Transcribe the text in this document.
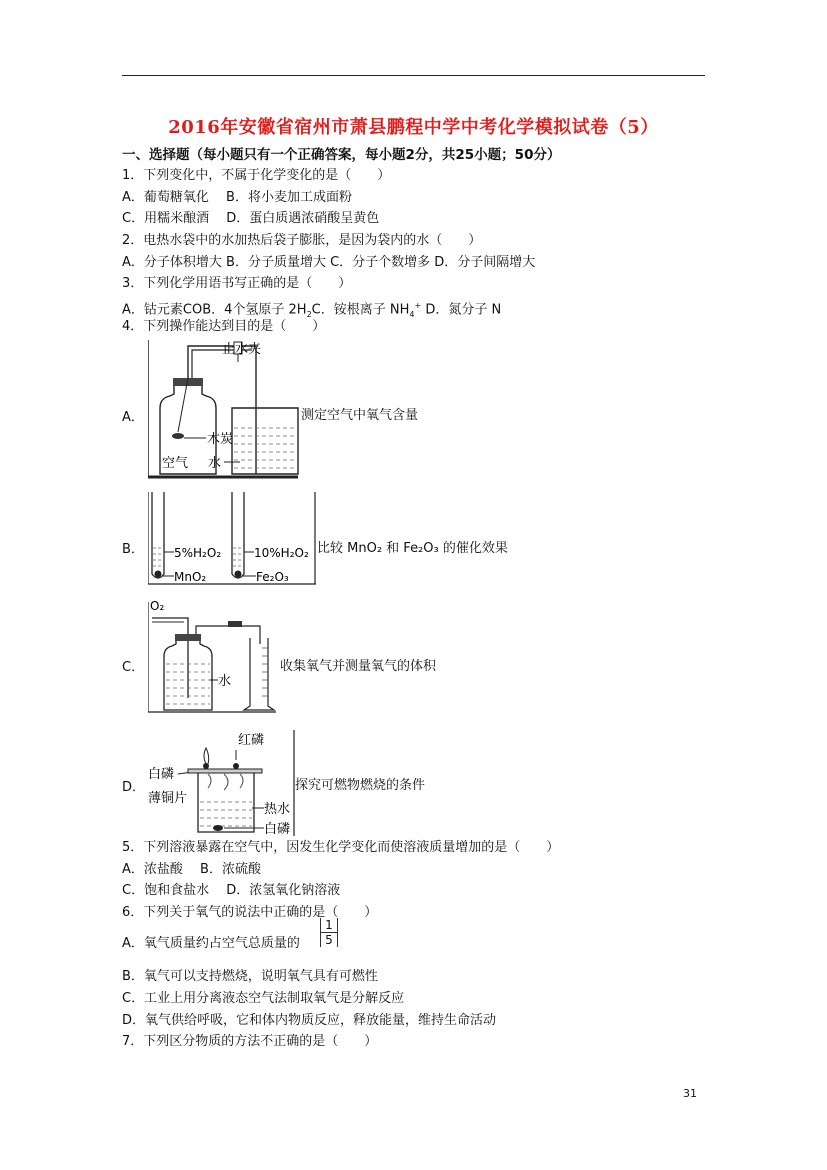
2016年安徽省宿州市萧县鹏程中学中考化学模拟试卷（5）
一、选择题（每小题只有一个正确答案，每小题2分，共25小题；50分）
1．下列变化中，不属于化学变化的是（　　）
A．葡萄糖氧化　 B．将小麦加工成面粉
C．用糯米酿酒　 D．蛋白质遇浓硝酸呈黄色
2．电热水袋中的水加热后袋子膨胀，是因为袋内的水（　　）
A．分子体积增大 B．分子质量增大 C．分子个数增多 D．分子间隔增大
3．下列化学用语书写正确的是（　　）
A．钴元素COB．4个氢原子 $2H_2C$．铵根离子 $NH_4^+$ D．氮分子 N
4．下列操作能达到目的是（　　）
A．
止水夹
木炭
水
空气
测定空气中氧气含量
B．	5%H₂O₂
MnO₂
10%H₂O₂
Fe₂O₃
比较 MnO₂ 和 Fe₂O₃ 的催化效果
C．
O₂
水
收集氧气并测量氧气的体积
D．
红磷
白磷
薄铜片
热水
白磷
探究可燃物燃烧的条件
5．下列溶液暴露在空气中，因发生化学变化而使溶液质量增加的是（　　）
A．浓盐酸　 B．浓硫酸
C．饱和食盐水　 D．浓氢氧化钠溶液
6．下列关于氧气的说法中正确的是（　　）
A．氧气质量约占空气总质量的 $\frac{1}{5}$
B．氧气可以支持燃烧，说明氧气具有可燃性
C．工业上用分离液态空气法制取氧气是分解反应
D．氧气供给呼吸，它和体内物质反应，释放能量，维持生命活动
7．下列区分物质的方法不正确的是（　　）
31
